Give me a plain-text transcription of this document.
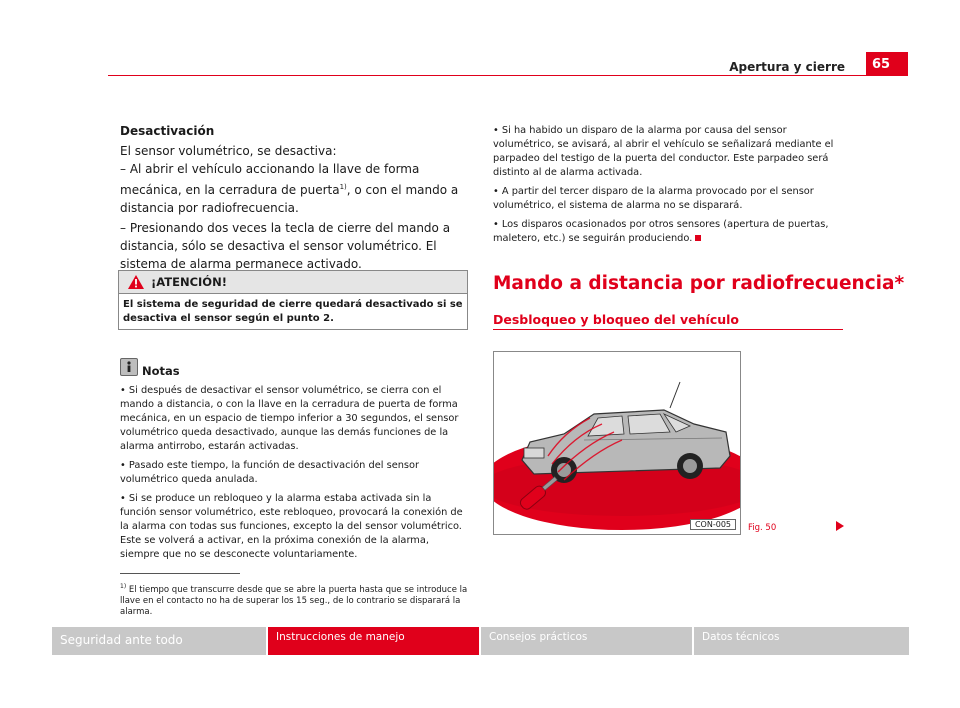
Apertura y cierre	65
Desactivación

El sensor volumétrico, se desactiva:

– Al abrir el vehículo accionando la llave de forma mecánica, en la cerradura de puerta$^{1)}$, o con el mando a distancia por radiofrecuencia.

– Presionando dos veces la tecla de cierre del mando a distancia, sólo se desactiva el sensor volumétrico. El sistema de alarma permanece activado.

¡ATENCIÓN!
El sistema de seguridad de cierre quedará desactivado si se desactiva el sensor según el punto 2.
Notas

• Si después de desactivar el sensor volumétrico, se cierra con el mando a distancia, o con la llave en la cerradura de puerta de forma mecánica, en un espacio de tiempo inferior a 30 segundos, el sensor volumétrico queda desactivado, aunque las demás funciones de la alarma antirrobo, estarán activadas.

• Pasado este tiempo, la función de desactivación del sensor volumétrico queda anulada.

• Si se produce un rebloqueo y la alarma estaba activada sin la función sensor volumétrico, este rebloqueo, provocará la conexión de la alarma con todas sus funciones, excepto la del sensor volumétrico. Este se volverá a activar, en la próxima conexión de la alarma, siempre que no se desconecte voluntariamente.

$^{1)}$ El tiempo que transcurre desde que se abre la puerta hasta que se introduce la llave en el contacto no ha de superar los 15 seg., de lo contrario se disparará la alarma.

• Si ha habido un disparo de la alarma por causa del sensor volumétrico, se avisará, al abrir el vehículo se señalizará mediante el parpadeo del testigo de la puerta del conductor. Este parpadeo será distinto al de alarma activada.

• A partir del tercer disparo de la alarma provocado por el sensor volumétrico, el sistema de alarma no se disparará.

• Los disparos ocasionados por otros sensores (apertura de puertas, maletero, etc.) se seguirán produciendo.

Mando a distancia por radiofrecuencia*
Desbloqueo y bloqueo del vehículo
CON-005	Fig. 50
Seguridad ante todo	Instrucciones de manejo	Consejos prácticos	Datos técnicos
